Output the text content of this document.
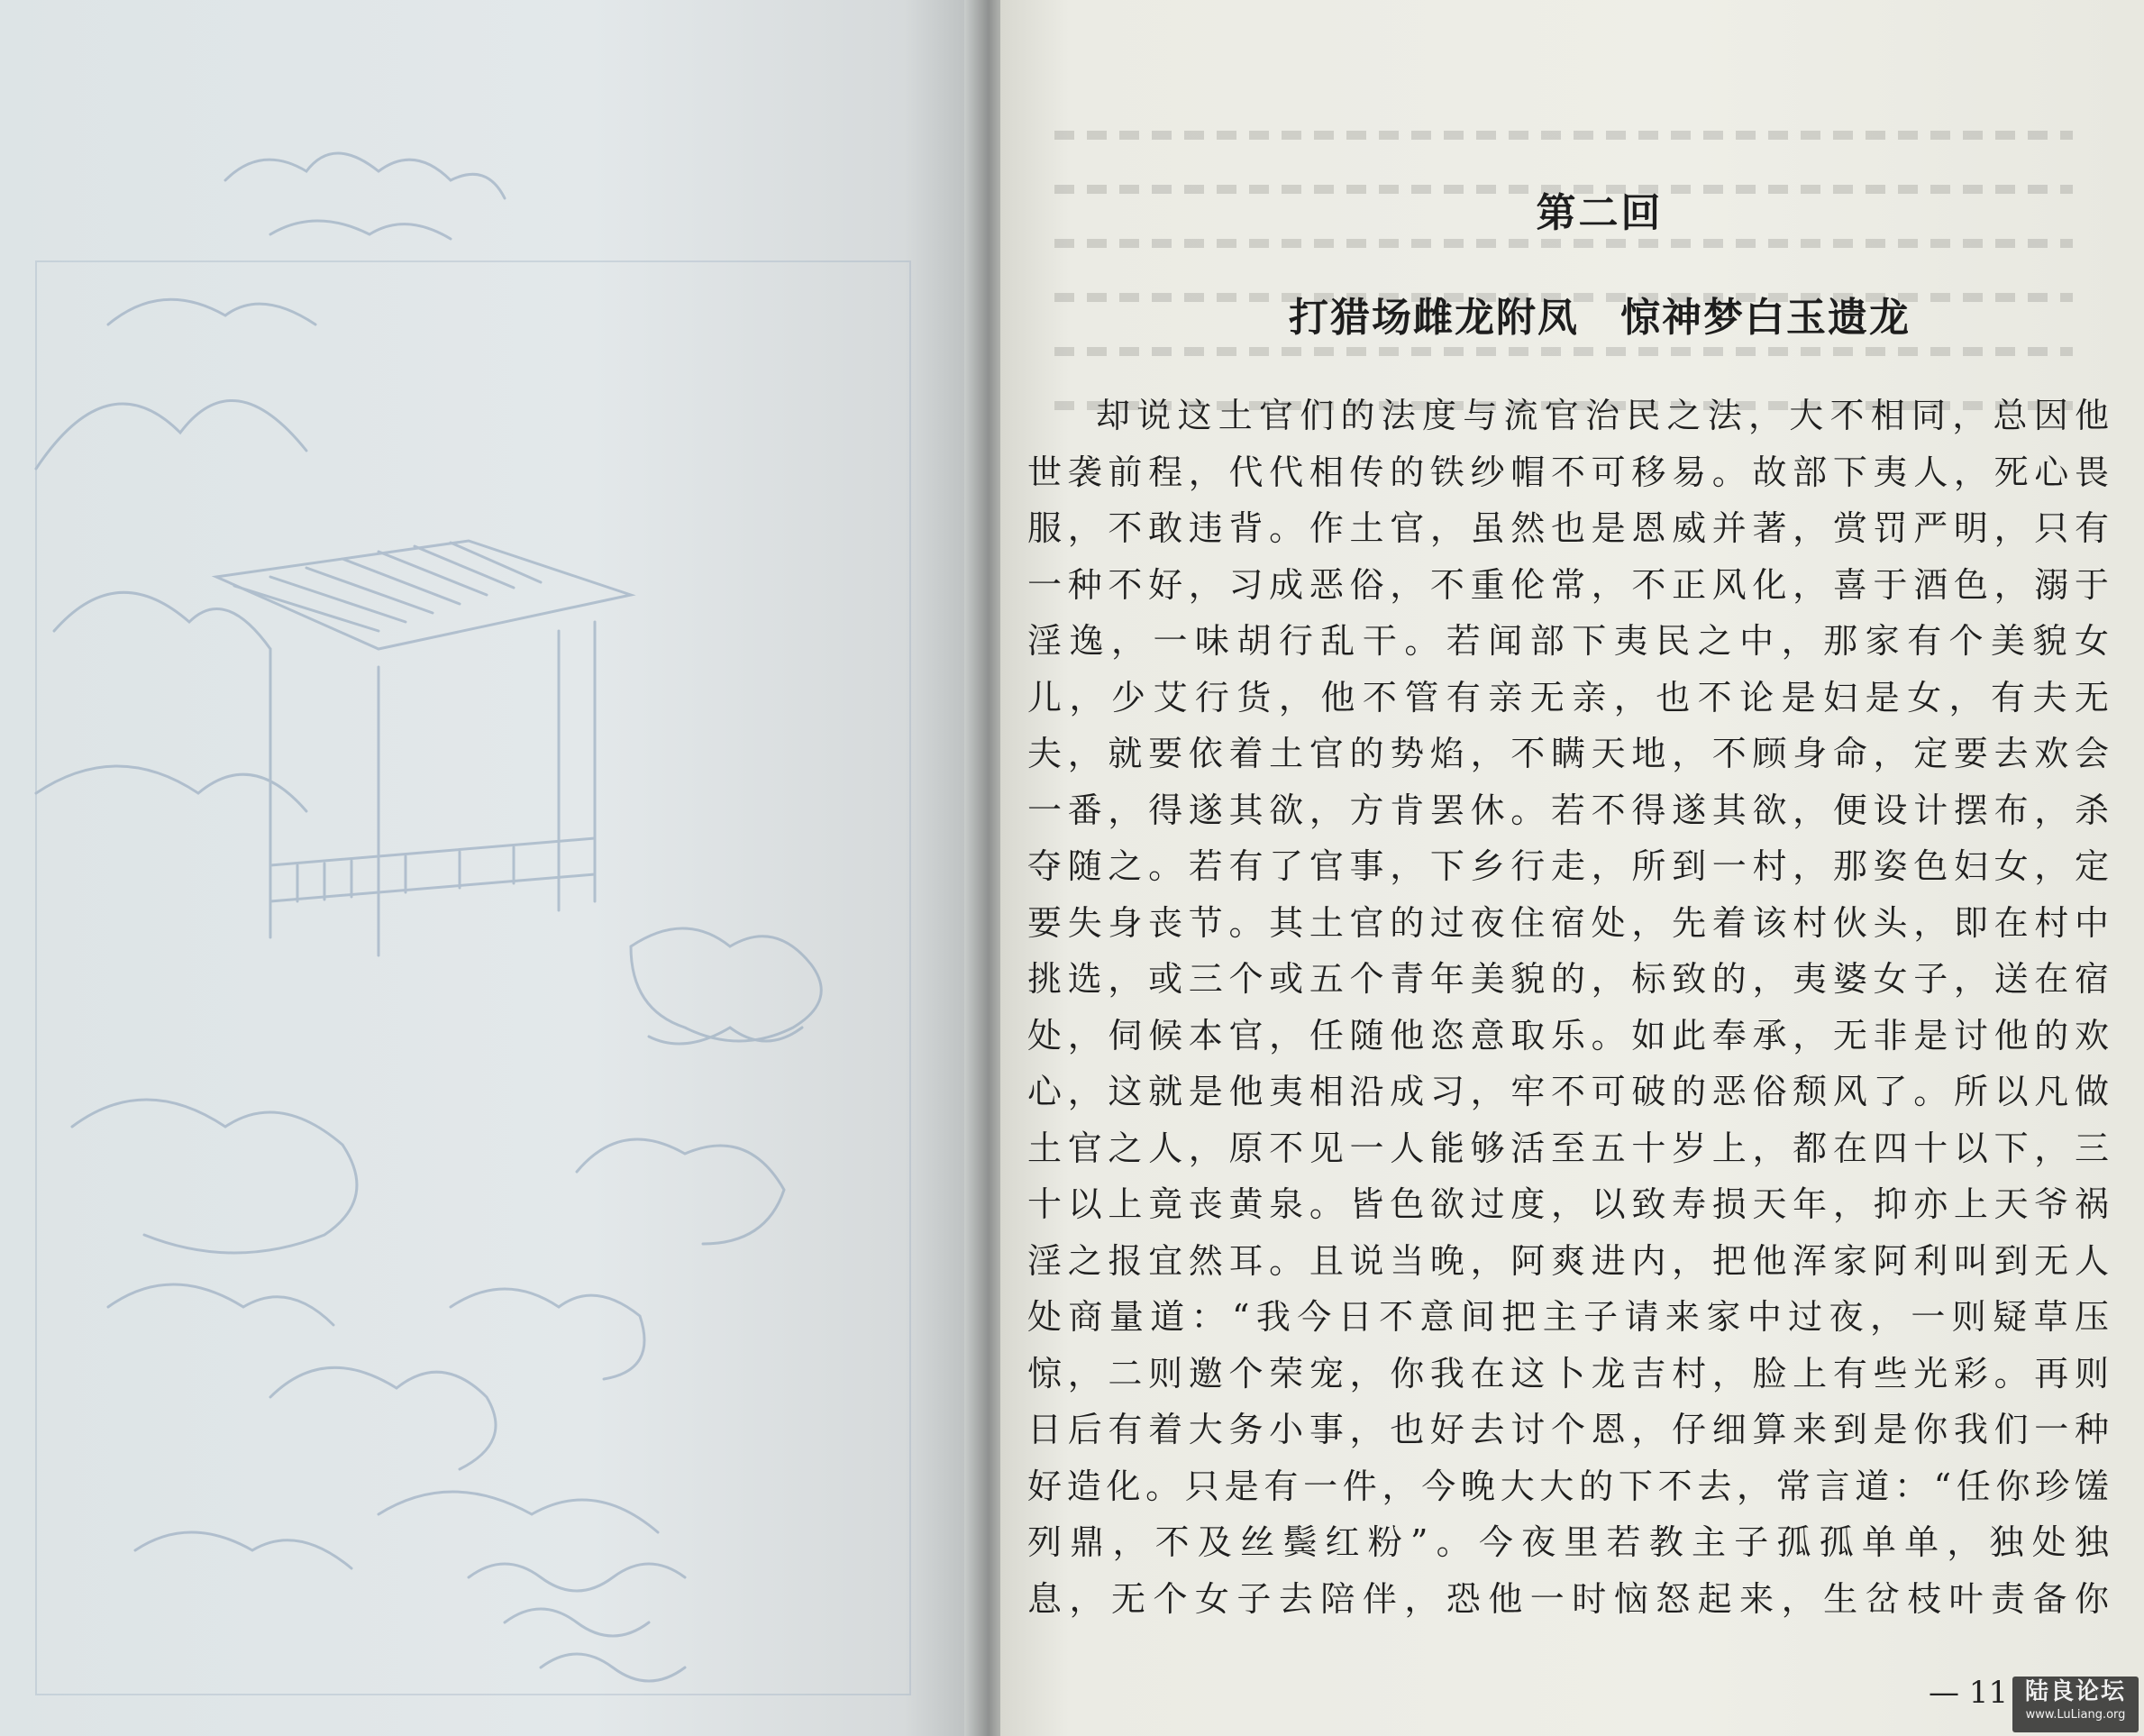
第二回
打猎场雌龙附凤　惊神梦白玉遗龙
却说这土官们的法度与流官治民之法，大不相同，总因他
世袭前程，代代相传的铁纱帽不可移易。故部下夷人，死心畏
服，不敢违背。作土官，虽然也是恩威并著，赏罚严明，只有
一种不好，习成恶俗，不重伦常，不正风化，喜于酒色，溺于
淫逸，一味胡行乱干。若闻部下夷民之中，那家有个美貌女
儿，少艾行货，他不管有亲无亲，也不论是妇是女，有夫无
夫，就要依着土官的势焰，不瞒天地，不顾身命，定要去欢会
一番，得遂其欲，方肯罢休。若不得遂其欲，便设计摆布，杀
夺随之。若有了官事，下乡行走，所到一村，那姿色妇女，定
要失身丧节。其土官的过夜住宿处，先着该村伙头，即在村中
挑选，或三个或五个青年美貌的，标致的，夷婆女子，送在宿
处，伺候本官，任随他恣意取乐。如此奉承，无非是讨他的欢
心，这就是他夷相沿成习，牢不可破的恶俗颓风了。所以凡做
土官之人，原不见一人能够活至五十岁上，都在四十以下，三
十以上竟丧黄泉。皆色欲过度，以致寿损天年，抑亦上天爷祸
淫之报宜然耳。且说当晚，阿爽进内，把他浑家阿利叫到无人
处商量道：“我今日不意间把主子请来家中过夜，一则疑草压
惊，二则邀个荣宠，你我在这卜龙吉村，脸上有些光彩。再则
日后有着大务小事，也好去讨个恩，仔细算来到是你我们一种
好造化。只是有一件，今晚大大的下不去，常言道：“任你珍馐
列鼎，不及丝鬓红粉”。今夜里若教主子孤孤单单，独处独
息，无个女子去陪伴，恐他一时恼怒起来，生岔枝叶责备你
— 11 陆良论坛
www.LuLiang.org
